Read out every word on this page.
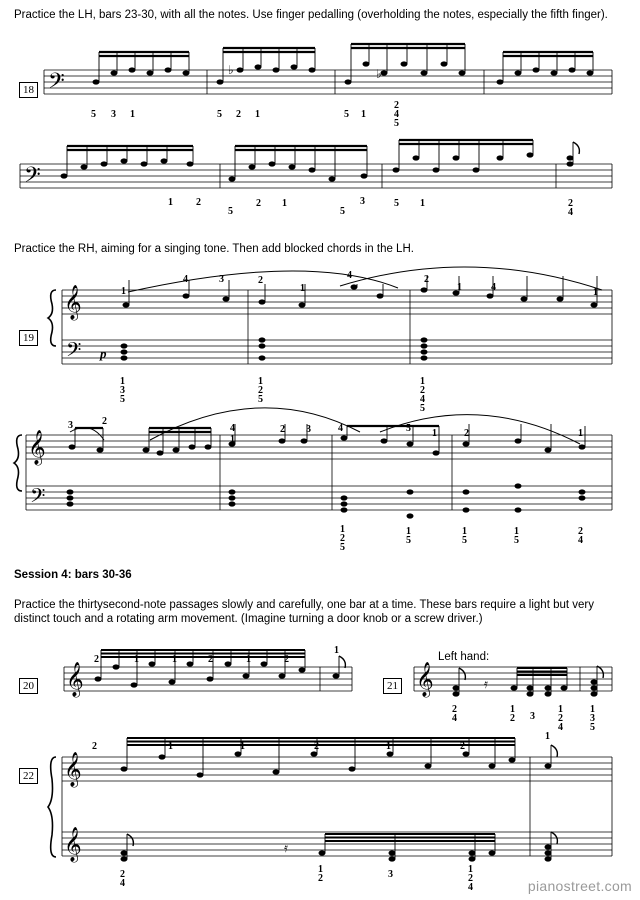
Practice the LH, bars 23-30, with all the notes. Use finger pedalling (overholding the notes, especially the fifth finger).
Practice the RH, aiming for a singing tone. Then add blocked chords in the LH.
Session 4: bars 30-36
Practice the thirtysecond-note passages slowly and carefully, one bar at a time. These bars require a light but very distinct touch and a rotating arm movement. (Imagine turning a door knob or a screw driver.)
18
19
20	21
22
Left hand:
p
𝄢	♭	♭
5 3 1	5 2 1	5 1
2
4
5
𝄢
1 2
5
2 1
5
3	5 1	2
4
𝄞
𝄢
1
4	3	2
1
4	2
1	4	1
1
3
5
1
2
5
1
2
4
5
𝄞
𝄢
3	2
4 1
2 3	4	5 1	2	1
1
2
5
1
5
1
5
1
5
2
4
𝄞
2	1	1	2	1	2
1
𝄞	𝄿
2
4
1
2 3
1
2
4
1
3
5
𝄞
𝄞	𝄿
2	1	1	2	1	2
1
2
4
1
2	3	1
2
4	pianostreet.com
